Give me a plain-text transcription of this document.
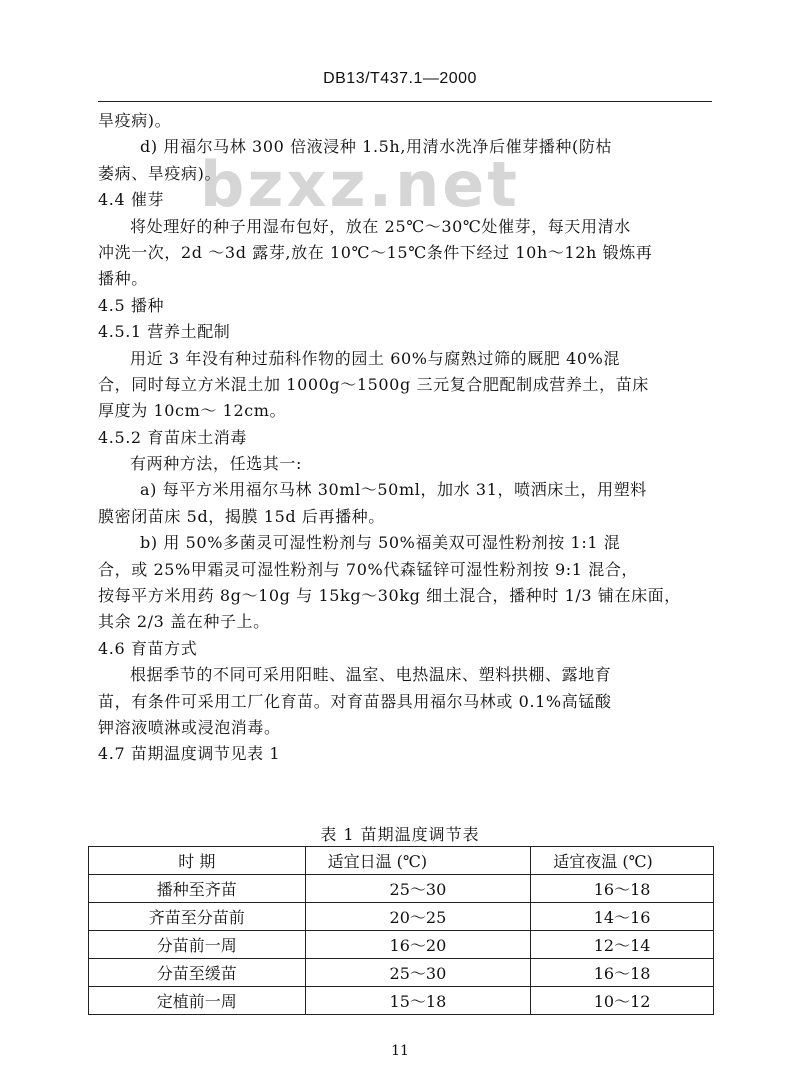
DB13/T437.1—2000
bzxz.net
旱疫病)。
d) 用福尔马林 300 倍液浸种 1.5h,用清水洗净后催芽播种(防枯
萎病、旱疫病)。
4.4 催芽
将处理好的种子用湿布包好，放在 25℃～30℃处催芽，每天用清水
冲洗一次，2d ～3d 露芽,放在 10℃～15℃条件下经过 10h～12h 锻炼再
播种。
4.5 播种
4.5.1 营养土配制
用近 3 年没有种过茄科作物的园土 60%与腐熟过筛的厩肥 40%混
合，同时每立方米混土加 1000g～1500g 三元复合肥配制成营养土，苗床
厚度为 10cm～ 12cm。
4.5.2 育苗床土消毒
有两种方法，任选其一:
a) 每平方米用福尔马林 30ml～50ml，加水 31，喷洒床土，用塑料
膜密闭苗床 5d，揭膜 15d 后再播种。
b) 用 50%多菌灵可湿性粉剂与 50%福美双可湿性粉剂按 1:1 混
合，或 25%甲霜灵可湿性粉剂与 70%代森锰锌可湿性粉剂按 9:1 混合，
按每平方米用药 8g～10g 与 15kg～30kg 细土混合，播种时 1/3 铺在床面，
其余 2/3 盖在种子上。
4.6 育苗方式
根据季节的不同可采用阳畦、温室、电热温床、塑料拱棚、露地育
苗，有条件可采用工厂化育苗。对育苗器具用福尔马林或 0.1%高锰酸
钾溶液喷淋或浸泡消毒。
4.7 苗期温度调节见表 1
表 1 苗期温度调节表
时 期	适宜日温 (℃)	适宜夜温 (℃)
播种至齐苗	25～30	16～18
齐苗至分苗前	20～25	14～16
分苗前一周	16～20	12～14
分苗至缓苗	25～30	16～18
定植前一周	15～18	10～12
11
